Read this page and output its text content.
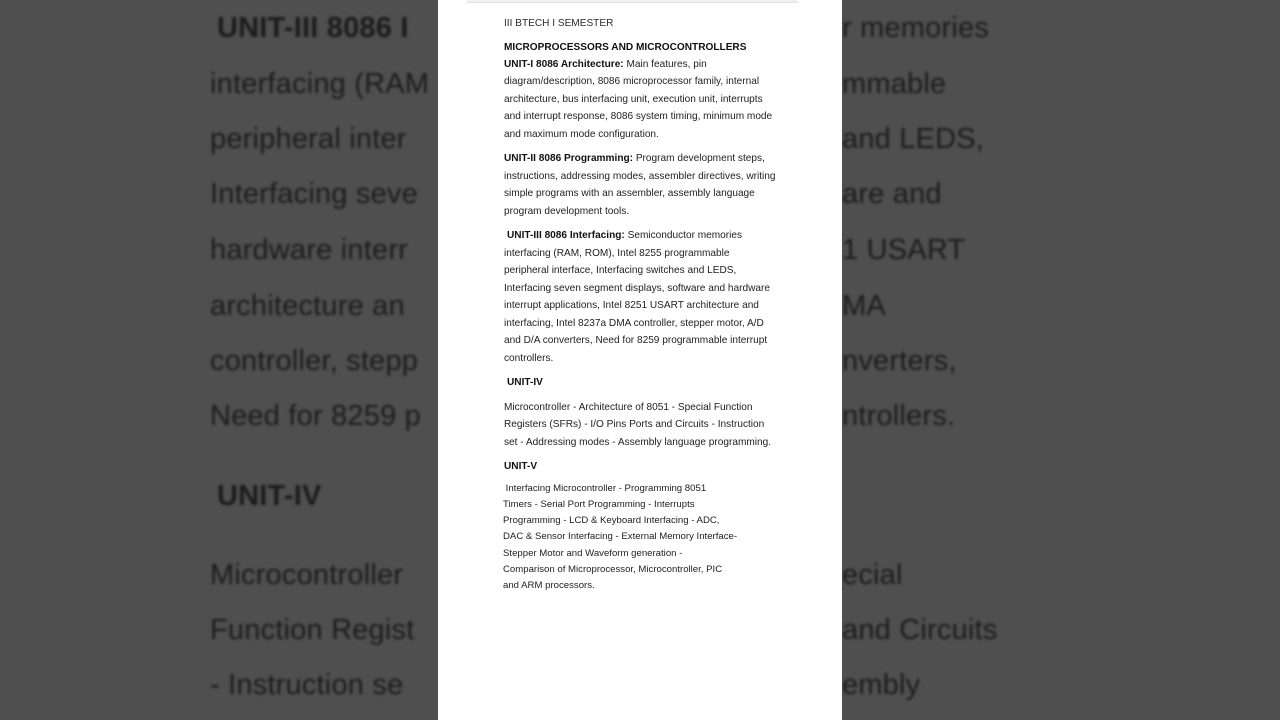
UNIT-III 8086 I
interfacing (RAM
peripheral inter
Interfacing seve
hardware interr
architecture an
controller, stepp
Need for 8259 p
UNIT-IV
Microcontroller
Function Regist
- Instruction se
r memories
mmable
and LEDS,
are and
1 USART
MA
nverters,
ntrollers.
ecial
and Circuits
embly
III BTECH I SEMESTER
MICROPROCESSORS AND MICROCONTROLLERS
UNIT-I 8086 Architecture: Main features, pin diagram/description, 8086 microprocessor family, internal architecture, bus interfacing unit, execution unit, interrupts and interrupt response, 8086 system timing, minimum mode and maximum mode configuration.
UNIT-II 8086 Programming: Program development steps, instructions, addressing modes, assembler directives, writing simple programs with an assembler, assembly language program development tools.
UNIT-III 8086 Interfacing: Semiconductor memories interfacing (RAM, ROM), Intel 8255 programmable peripheral interface, Interfacing switches and LEDS, Interfacing seven segment displays, software and hardware interrupt applications, Intel 8251 USART architecture and interfacing, Intel 8237a DMA controller, stepper motor, A/D and D/A converters, Need for 8259 programmable interrupt controllers.
UNIT-IV
Microcontroller - Architecture of 8051 - Special Function Registers (SFRs) - I/O Pins Ports and Circuits - Instruction set - Addressing modes - Assembly language programming.
UNIT-V
Interfacing Microcontroller - Programming 8051
Timers - Serial Port Programming - Interrupts
Programming - LCD & Keyboard Interfacing - ADC,
DAC & Sensor Interfacing - External Memory Interface-
Stepper Motor and Waveform generation -
Comparison of Microprocessor, Microcontroller, PIC
and ARM processors.
